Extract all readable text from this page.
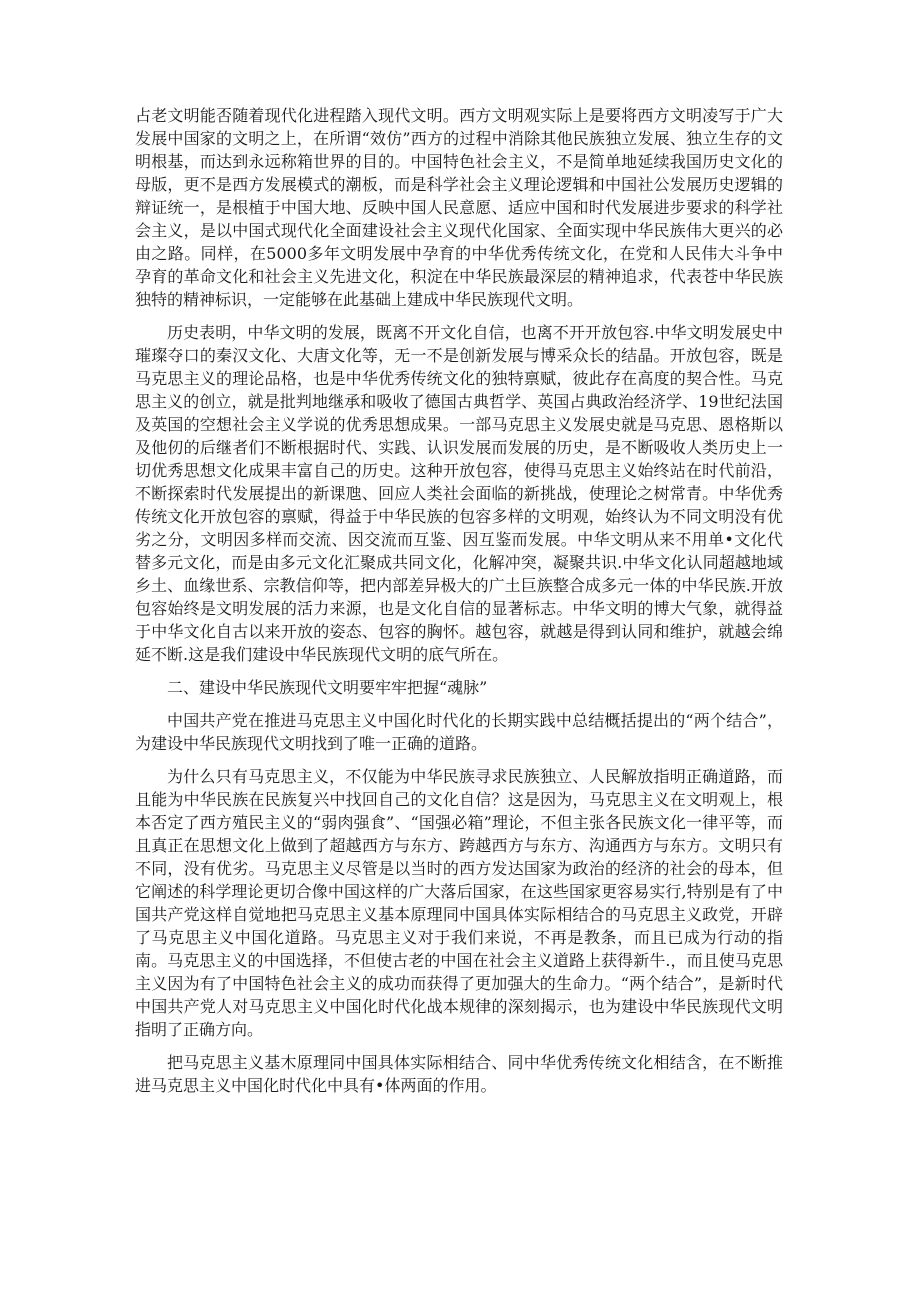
占老文明能否随着现代化进程踏入现代文明。西方文明观实际上是要将西方文明凌写于广大发展中国家的文明之上，在所谓“效仿”西方的过程中消除其他民族独立发展、独立生存的文明根基，而达到永远称箱世界的目的。中国特色社会主义，不是简单地延续我国历史文化的母版，更不是西方发展模式的潮板，而是科学社会主义理论逻辑和中国社公发展历史逻辑的辩证统一，是根植于中国大地、反映中国人民意愿、适应中国和时代发展进步要求的科学社会主义，是以中国式现代化全面建设社会主义现代化国家、全面实现中华民族伟大更兴的必由之路。同样，在5000多年文明发展中孕育的中华优秀传统文化，在党和人民伟大斗争中孕育的革命文化和社会主义先进文化，积淀在中华民族最深层的精神追求，代表苍中华民族独特的精神标识，一定能够在此基础上建成中华民族现代文明。

历史表明，中华文明的发展，既离不开文化自信，也离不开开放包容.中华文明发展史中璀璨夺口的秦汉文化、大唐文化等，无一不是创新发展与博采众长的结晶。开放包容，既是马克思主义的理论品格，也是中华优秀传统文化的独特禀赋，彼此存在高度的契合性。马克思主义的创立，就是批判地继承和吸收了德国古典哲学、英国占典政治经济学、19世纪法国及英国的空想社会主义学说的优秀思想成果。一部马克思主义发展史就是马克思、恩格斯以及他仞的后继者们不断根据时代、实践、认识发展而发展的历史，是不断吸收人类历史上一切优秀思想文化成果丰富自己的历史。这种开放包容，使得马克思主义始终站在时代前沿，不断探索时代发展提出的新课虺、回应人类社会面临的新挑战，使理论之树常青。中华优秀传统文化开放包容的禀赋，得益于中华民族的包容多样的文明观，始终认为不同文明没有优劣之分，文明因多样而交流、因交流而互鉴、因互鉴而发展。中华文明从来不用单•文化代替多元文化，而是由多元文化汇聚成共同文化，化解冲突，凝聚共识.中华文化认同超越地域乡土、血缘世系、宗教信仰等，把内部差异极大的广土巨族整合成多元一体的中华民族.开放包容始终是文明发展的活力来源，也是文化自信的显著标志。中华文明的博大气象，就得益于中华文化自古以来开放的姿态、包容的胸怀。越包容，就越是得到认同和维护，就越会绵延不断.这是我们建设中华民族现代文明的底气所在。

二、建设中华民族现代文明要牢牢把握“魂脉”

中国共产党在推进马克思主义中国化时代化的长期实践中总结概括提出的“两个结合”，为建设中华民族现代文明找到了唯一正确的道路。

为什么只有马克思主义，不仅能为中华民族寻求民族独立、人民解放指明正确道路，而且能为中华民族在民族复兴中找回自己的文化自信？这是因为，马克思主义在文明观上，根本否定了西方殖民主义的“弱肉强食”、“国强必箱”理论，不但主张各民族文化一律平等，而且真正在思想文化上做到了超越西方与东方、跨越西方与东方、沟通西方与东方。文明只有不同，没有优劣。马克思主义尽管是以当时的西方发达国家为政治的经济的社会的母本，但它阐述的科学理论更切合像中国这样的广大落后国家，在这些国家更容易实行,特别是有了中国共产党这样自觉地把马克思主义基本原理同中国具体实际相结合的马克思主义政党，开辟了马克思主义中国化道路。马克思主义对于我们来说，不再是教条，而且已成为行动的指南。马克思主义的中国选择，不但使古老的中国在社会主义道路上获得新牛.，而且使马克思主义因为有了中国特色社会主义的成功而获得了更加强大的生命力。“两个结合”，是新时代中国共产党人对马克思主义中国化时代化战本规律的深刻揭示，也为建设中华民族现代文明指明了正确方向。

把马克思主义基木原理同中国具体实际相结合、同中华优秀传统文化相结含，在不断推进马克思主义中国化时代化中具有•体两面的作用。
